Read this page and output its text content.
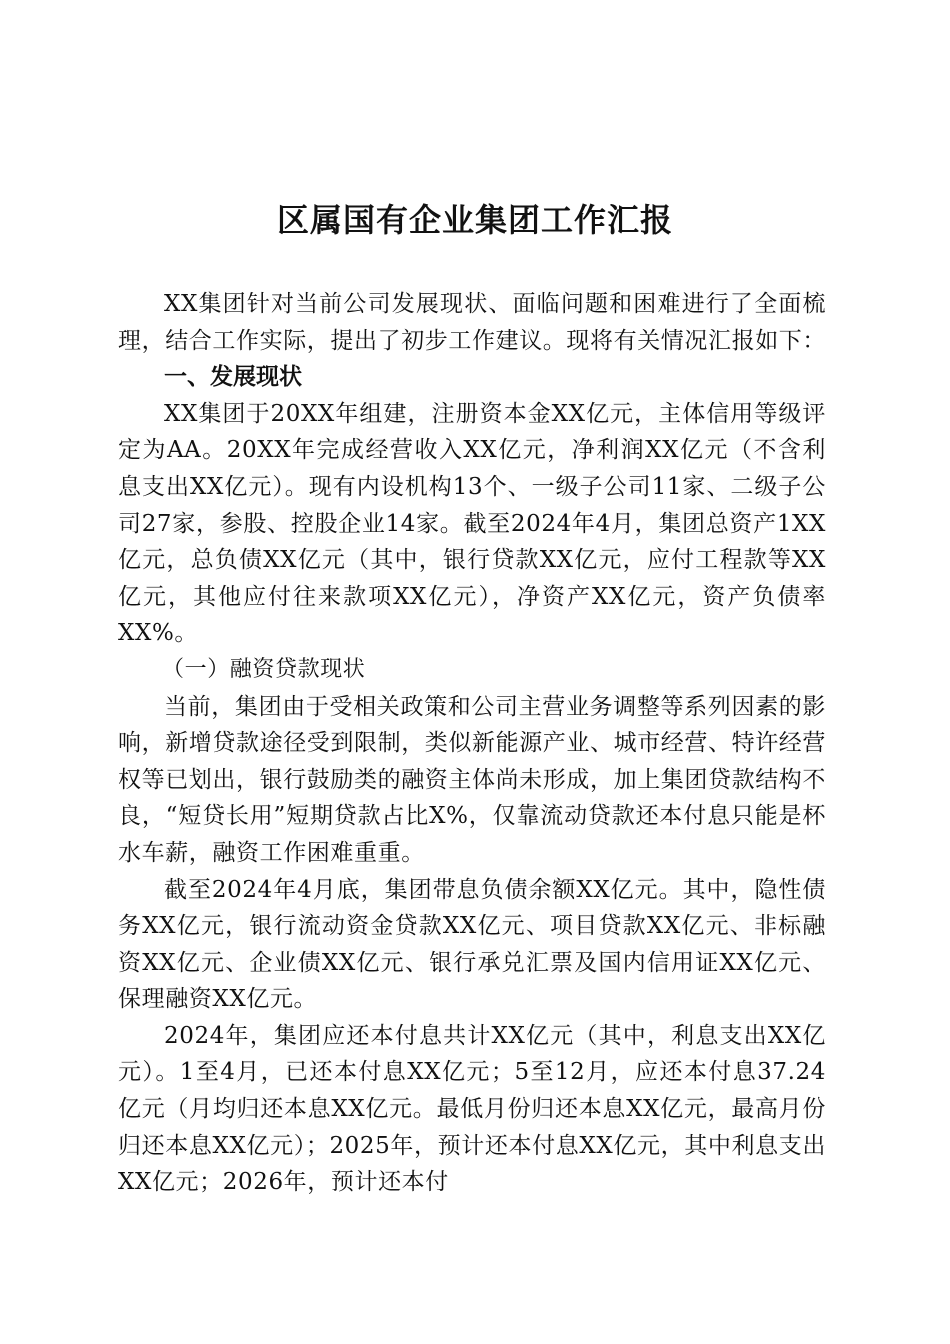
区属国有企业集团工作汇报

XX集团针对当前公司发展现状、面临问题和困难进行了全面梳理，结合工作实际，提出了初步工作建议。现将有关情况汇报如下：

一、发展现状

XX集团于20XX年组建，注册资本金XX亿元，主体信用等级评定为AA。20XX年完成经营收入XX亿元，净利润XX亿元（不含利息支出XX亿元）。现有内设机构13个、一级子公司11家、二级子公司27家，参股、控股企业14家。截至2024年4月，集团总资产1XX亿元，总负债XX亿元（其中，银行贷款XX亿元，应付工程款等XX亿元，其他应付往来款项XX亿元），净资产XX亿元，资产负债率XX%。

（一）融资贷款现状

当前，集团由于受相关政策和公司主营业务调整等系列因素的影响，新增贷款途径受到限制，类似新能源产业、城市经营、特许经营权等已划出，银行鼓励类的融资主体尚未形成，加上集团贷款结构不良，“短贷长用”短期贷款占比X%，仅靠流动贷款还本付息只能是杯水车薪，融资工作困难重重。

截至2024年4月底，集团带息负债余额XX亿元。其中，隐性债务XX亿元，银行流动资金贷款XX亿元、项目贷款XX亿元、非标融资XX亿元、企业债XX亿元、银行承兑汇票及国内信用证XX亿元、保理融资XX亿元。

2024年，集团应还本付息共计XX亿元（其中，利息支出XX亿元）。1至4月，已还本付息XX亿元；5至12月，应还本付息37.24亿元（月均归还本息XX亿元。最低月份归还本息XX亿元，最高月份归还本息XX亿元）；2025年，预计还本付息XX亿元，其中利息支出XX亿元；2026年，预计还本付
